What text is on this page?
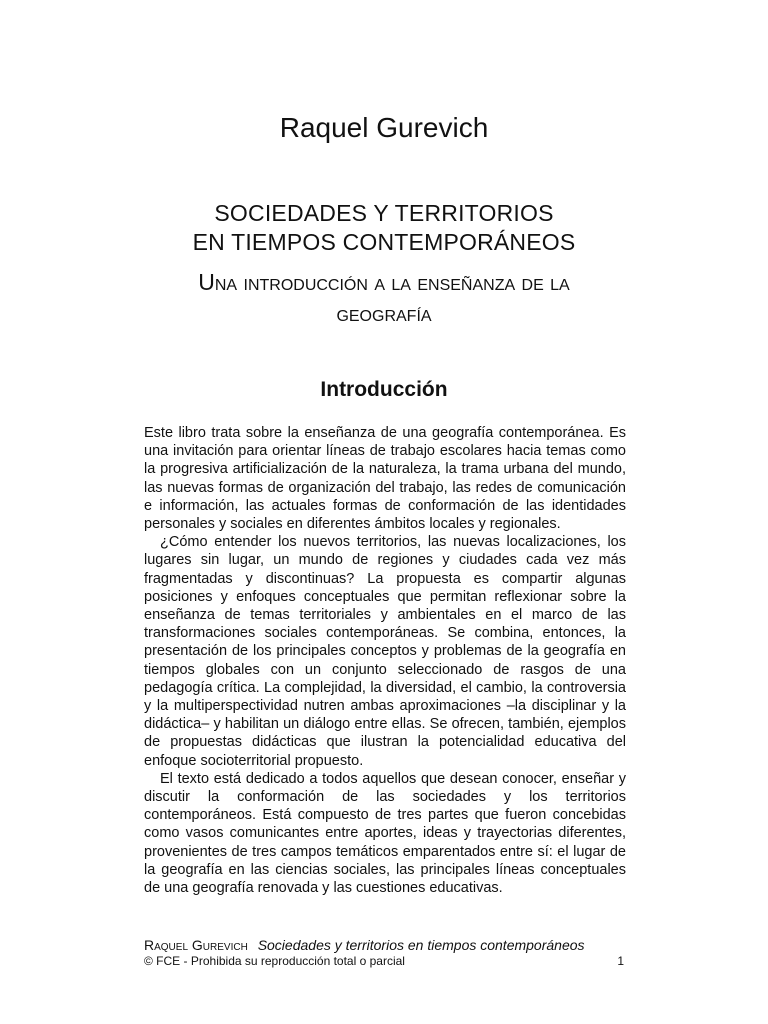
Raquel Gurevich
SOCIEDADES Y TERRITORIOS
EN TIEMPOS CONTEMPORÁNEOS
Una introducción a la enseñanza de la
geografía
Introducción

Este libro trata sobre la enseñanza de una geografía contemporánea. Es una invitación para orientar líneas de trabajo escolares hacia temas como la progresiva artificialización de la naturaleza, la trama urbana del mundo, las nuevas formas de organización del trabajo, las redes de comunicación e información, las actuales formas de conformación de las identidades personales y sociales en diferentes ámbitos locales y regionales.

¿Cómo entender los nuevos territorios, las nuevas localizaciones, los lugares sin lugar, un mundo de regiones y ciudades cada vez más fragmentadas y discontinuas? La propuesta es compartir algunas posiciones y enfoques conceptuales que permitan reflexionar sobre la enseñanza de temas territoriales y ambientales en el marco de las transformaciones sociales contemporáneas. Se combina, entonces, la presentación de los principales conceptos y problemas de la geografía en tiempos globales con un conjunto seleccionado de rasgos de una pedagogía crítica. La complejidad, la diversidad, el cambio, la controversia y la multiperspectividad nutren ambas aproximaciones –la disciplinar y la didáctica– y habilitan un diálogo entre ellas. Se ofrecen, también, ejemplos de propuestas didácticas que ilustran la potencialidad educativa del enfoque socioterritorial propuesto.

El texto está dedicado a todos aquellos que desean conocer, enseñar y discutir la conformación de las sociedades y los territorios contemporáneos. Está compuesto de tres partes que fueron concebidas como vasos comunicantes entre aportes, ideas y trayectorias diferentes, provenientes de tres campos temáticos emparentados entre sí: el lugar de la geografía en las ciencias sociales, las principales líneas conceptuales de una geografía renovada y las cuestiones educativas.

Raquel Gurevich Sociedades y territorios en tiempos contemporáneos
© FCE - Prohibida su reproducción total o parcial	1
